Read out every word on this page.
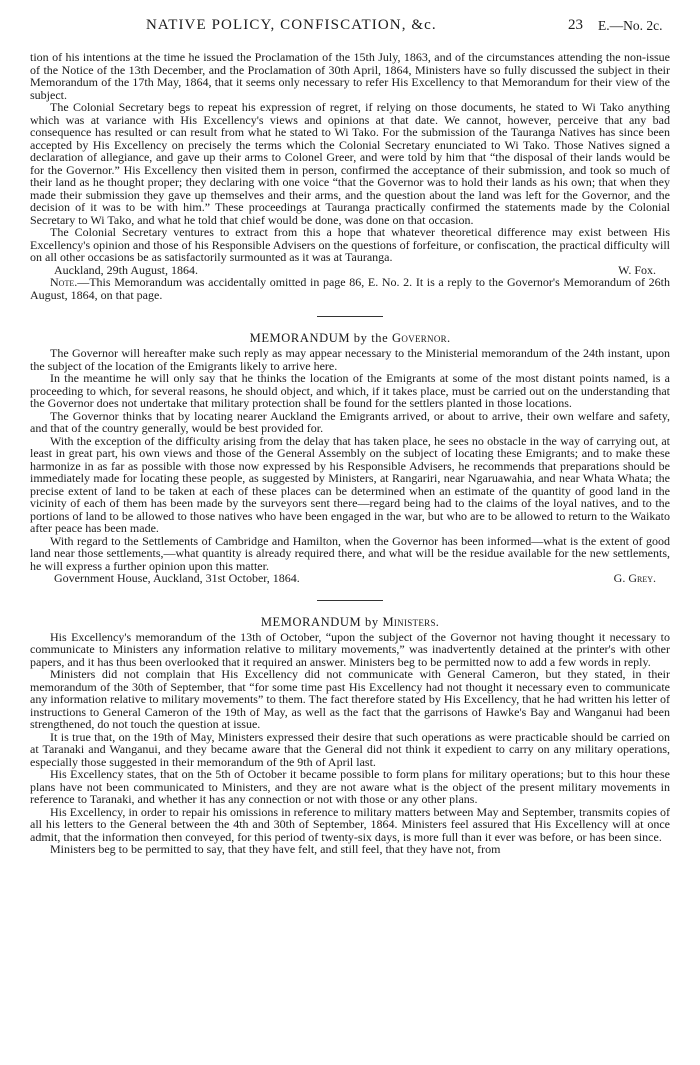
NATIVE POLICY, CONFISCATION, &c.	23 E.—No. 2c.

tion of his intentions at the time he issued the Proclamation of the 15th July, 1863, and of the circumstances attending the non-issue of the Notice of the 13th December, and the Proclamation of 30th April, 1864, Ministers have so fully discussed the subject in their Memorandum of the 17th May, 1864, that it seems only necessary to refer His Excellency to that Memorandum for their view of the subject.

The Colonial Secretary begs to repeat his expression of regret, if relying on those documents, he stated to Wi Tako anything which was at variance with His Excellency's views and opinions at that date. We cannot, however, perceive that any bad consequence has resulted or can result from what he stated to Wi Tako. For the submission of the Tauranga Natives has since been accepted by His Excellency on precisely the terms which the Colonial Secretary enunciated to Wi Tako. Those Natives signed a declaration of allegiance, and gave up their arms to Colonel Greer, and were told by him that “the disposal of their lands would be for the Governor.” His Excellency then visited them in person, confirmed the acceptance of their submission, and took so much of their land as he thought proper; they declaring with one voice “that the Governor was to hold their lands as his own; that when they made their submission they gave up themselves and their arms, and the question about the land was left for the Governor, and the decision of it was to be with him.” These proceedings at Tauranga practically confirmed the statements made by the Colonial Secretary to Wi Tako, and what he told that chief would be done, was done on that occasion.

The Colonial Secretary ventures to extract from this a hope that whatever theoretical difference may exist between His Excellency's opinion and those of his Responsible Advisers on the questions of forfeiture, or confiscation, the practical difficulty will on all other occasions be as satisfactorily surmounted as it was at Tauranga.

Auckland, 29th August, 1864.	W. Fox.

Note.—This Memorandum was accidentally omitted in page 86, E. No. 2. It is a reply to the Governor's Memorandum of 26th August, 1864, on that page.

MEMORANDUM by the Governor.

The Governor will hereafter make such reply as may appear necessary to the Ministerial memorandum of the 24th instant, upon the subject of the location of the Emigrants likely to arrive here.

In the meantime he will only say that he thinks the location of the Emigrants at some of the most distant points named, is a proceeding to which, for several reasons, he should object, and which, if it takes place, must be carried out on the understanding that the Governor does not undertake that military protection shall be found for the settlers planted in those locations.

The Governor thinks that by locating nearer Auckland the Emigrants arrived, or about to arrive, their own welfare and safety, and that of the country generally, would be best provided for.

With the exception of the difficulty arising from the delay that has taken place, he sees no obstacle in the way of carrying out, at least in great part, his own views and those of the General Assembly on the subject of locating these Emigrants; and to make these harmonize in as far as possible with those now expressed by his Responsible Advisers, he recommends that preparations should be immediately made for locating these people, as suggested by Ministers, at Rangariri, near Ngaruawahia, and near Whata Whata; the precise extent of land to be taken at each of these places can be determined when an estimate of the quantity of good land in the vicinity of each of them has been made by the surveyors sent there—regard being had to the claims of the loyal natives, and to the portions of land to be allowed to those natives who have been engaged in the war, but who are to be allowed to return to the Waikato after peace has been made.

With regard to the Settlements of Cambridge and Hamilton, when the Governor has been informed—what is the extent of good land near those settlements,—what quantity is already required there, and what will be the residue available for the new settlements, he will express a further opinion upon this matter.

Government House, Auckland, 31st October, 1864.	G. Grey.
MEMORANDUM by Ministers.

His Excellency's memorandum of the 13th of October, “upon the subject of the Governor not having thought it necessary to communicate to Ministers any information relative to military movements,” was inadvertently detained at the printer's with other papers, and it has thus been overlooked that it required an answer. Ministers beg to be permitted now to add a few words in reply.

Ministers did not complain that His Excellency did not communicate with General Cameron, but they stated, in their memorandum of the 30th of September, that “for some time past His Excellency had not thought it necessary even to communicate any information relative to military movements” to them. The fact therefore stated by His Excellency, that he had written his letter of instructions to General Cameron of the 19th of May, as well as the fact that the garrisons of Hawke's Bay and Wanganui had been strengthened, do not touch the question at issue.

It is true that, on the 19th of May, Ministers expressed their desire that such operations as were practicable should be carried on at Taranaki and Wanganui, and they became aware that the General did not think it expedient to carry on any military operations, especially those suggested in their memorandum of the 9th of April last.

His Excellency states, that on the 5th of October it became possible to form plans for military operations; but to this hour these plans have not been communicated to Ministers, and they are not aware what is the object of the present military movements in reference to Taranaki, and whether it has any connection or not with those or any other plans.

His Excellency, in order to repair his omissions in reference to military matters between May and September, transmits copies of all his letters to the General between the 4th and 30th of September, 1864. Ministers feel assured that His Excellency will at once admit, that the information then conveyed, for this period of twenty-six days, is more full than it ever was before, or has been since.

Ministers beg to be permitted to say, that they have felt, and still feel, that they have not, from
